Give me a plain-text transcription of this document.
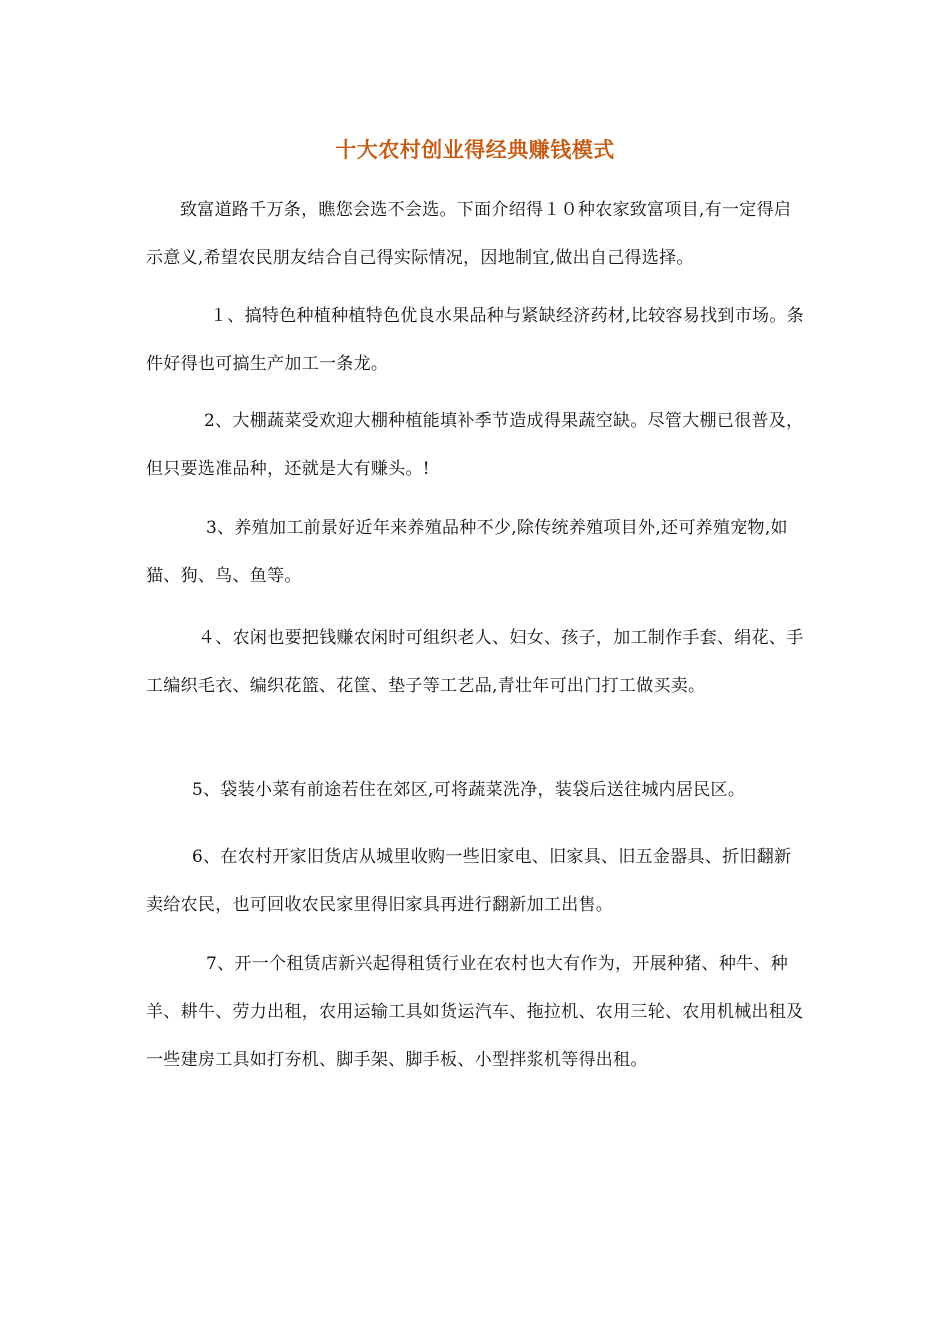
十大农村创业得经典赚钱模式

致富道路千万条，瞧您会选不会选。下面介绍得１０种农家致富项目,有一定得启示意义,希望农民朋友结合自己得实际情况，因地制宜,做出自己得选择。

１、搞特色种植种植特色优良水果品种与紧缺经济药材,比较容易找到市场。条件好得也可搞生产加工一条龙。

2、大棚蔬菜受欢迎大棚种植能填补季节造成得果蔬空缺。尽管大棚已很普及，但只要选准品种，还就是大有赚头。!

3、养殖加工前景好近年来养殖品种不少,除传统养殖项目外,还可养殖宠物,如猫、狗、鸟、鱼等。

４、农闲也要把钱赚农闲时可组织老人、妇女、孩子，加工制作手套、绢花、手工编织毛衣、编织花篮、花筐、垫子等工艺品,青壮年可出门打工做买卖。

5、袋装小菜有前途若住在郊区,可将蔬菜洗净，装袋后送往城内居民区。

6、在农村开家旧货店从城里收购一些旧家电、旧家具、旧五金器具、折旧翻新卖给农民，也可回收农民家里得旧家具再进行翻新加工出售。

7、开一个租赁店新兴起得租赁行业在农村也大有作为，开展种猪、种牛、种羊、耕牛、劳力出租，农用运输工具如货运汽车、拖拉机、农用三轮、农用机械出租及一些建房工具如打夯机、脚手架、脚手板、小型拌浆机等得出租。
